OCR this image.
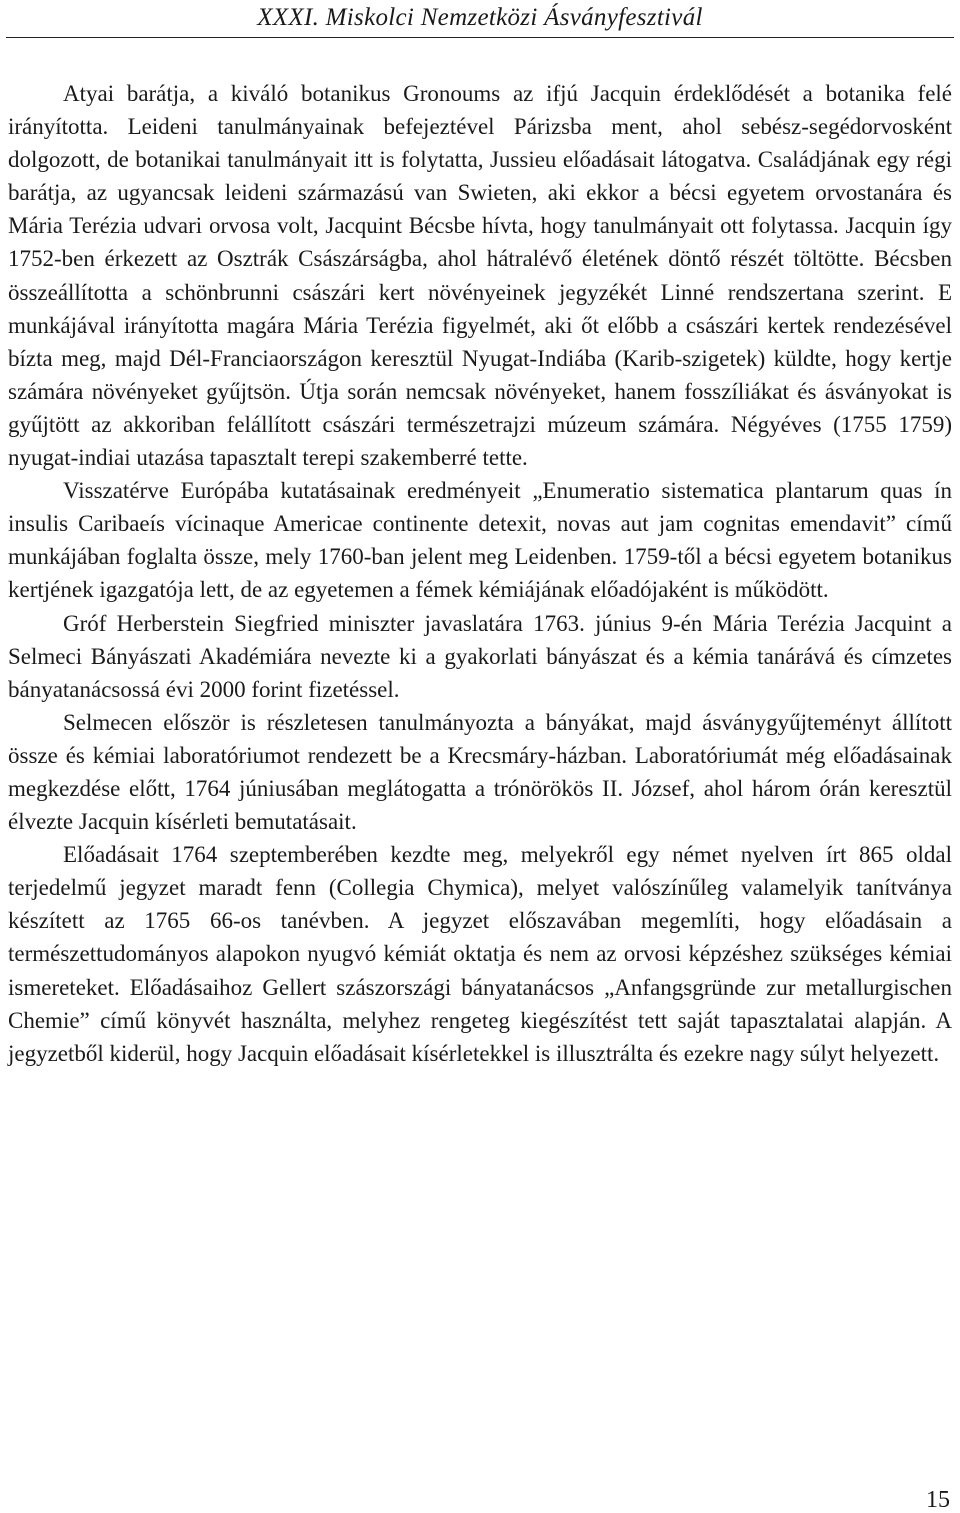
XXXI. Miskolci Nemzetközi Ásványfesztivál

Atyai barátja, a kiváló botanikus Gronoums az ifjú Jacquin érdeklődését a botanika felé irányította. Leideni tanulmányainak befejeztével Párizsba ment, ahol sebész-segédorvosként dolgozott, de botanikai tanulmányait itt is folytatta, Jussieu előadásait látogatva. Családjának egy régi barátja, az ugyancsak leideni származású van Swieten, aki ekkor a bécsi egyetem orvostanára és Mária Terézia udvari orvosa volt, Jacquint Bécsbe hívta, hogy tanulmányait ott folytassa. Jacquin így 1752-ben érkezett az Osztrák Császárságba, ahol hátralévő életének döntő részét töltötte. Bécsben összeállította a schönbrunni császári kert növényeinek jegyzékét Linné rendszertana szerint. E munkájával irányította magára Mária Terézia figyelmét, aki őt előbb a császári kertek rendezésével bízta meg, majd Dél-Franciaországon keresztül Nyugat-Indiába (Karib-szigetek) küldte, hogy kertje számára növényeket gyűjtsön. Útja során nemcsak növényeket, hanem fosszíliákat és ásványokat is gyűjtött az akkoriban felállított császári természetrajzi múzeum számára. Négyéves (1755 1759) nyugat-indiai utazása tapasztalt terepi szakemberré tette.

Visszatérve Európába kutatásainak eredményeit „Enumeratio sistematica plantarum quas ín insulis Caribaeís vícinaque Americae continente detexit, novas aut jam cognitas emendavit” című munkájában foglalta össze, mely 1760-ban jelent meg Leidenben. 1759-től a bécsi egyetem botanikus kertjének igazgatója lett, de az egyetemen a fémek kémiájának előadójaként is működött.

Gróf Herberstein Siegfried miniszter javaslatára 1763. június 9-én Mária Terézia Jacquint a Selmeci Bányászati Akadémiára nevezte ki a gyakorlati bányászat és a kémia tanárává és címzetes bányatanácsossá évi 2000 forint fizetéssel.

Selmecen először is részletesen tanulmányozta a bányákat, majd ásványgyűjteményt állított össze és kémiai laboratóriumot rendezett be a Krecsmáry-házban. Laboratóriumát még előadásainak megkezdése előtt, 1764 júniusában meglátogatta a trónörökös II. József, ahol három órán keresztül élvezte Jacquin kísérleti bemutatásait.

Előadásait 1764 szeptemberében kezdte meg, melyekről egy német nyelven írt 865 oldal terjedelmű jegyzet maradt fenn (Collegia Chymica), melyet valószínűleg valamelyik tanítványa készített az 1765 66-os tanévben. A jegyzet előszavában megemlíti, hogy előadásain a természettudományos alapokon nyugvó kémiát oktatja és nem az orvosi képzéshez szükséges kémiai ismereteket. Előadásaihoz Gellert szászországi bányatanácsos „Anfangsgründe zur metallurgischen Chemie” című könyvét használta, melyhez rengeteg kiegészítést tett saját tapasztalatai alapján. A jegyzetből kiderül, hogy Jacquin előadásait kísérletekkel is illusztrálta és ezekre nagy súlyt helyezett.

15
